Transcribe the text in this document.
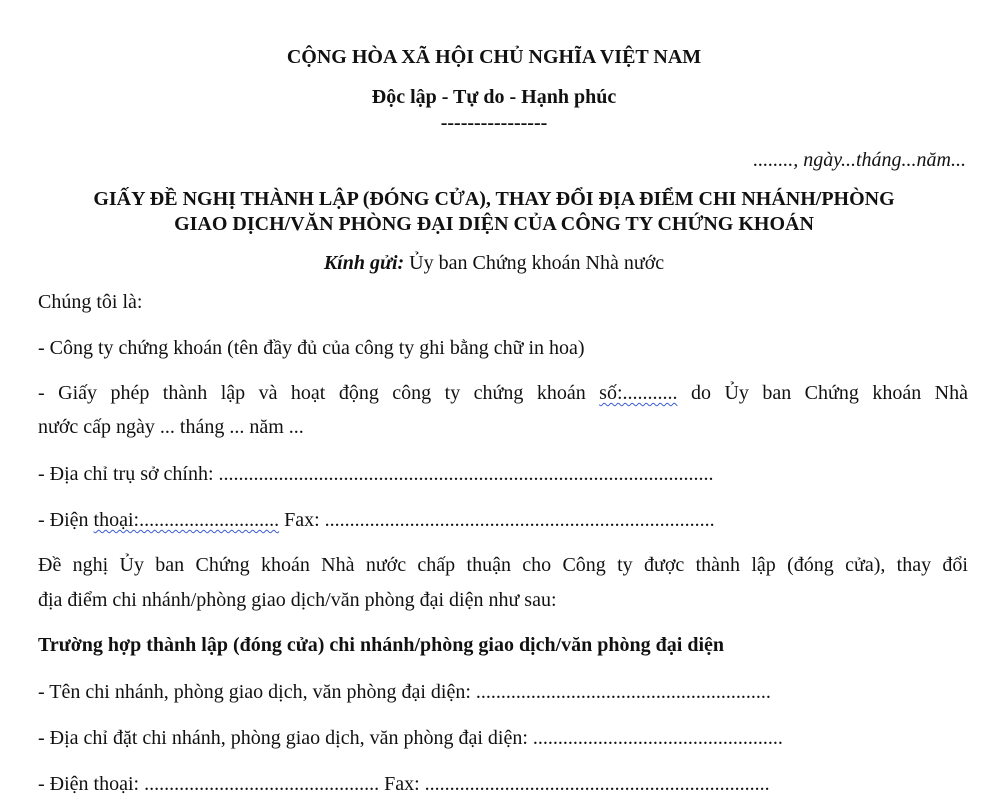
CỘNG HÒA XÃ HỘI CHỦ NGHĨA VIỆT NAM
Độc lập - Tự do - Hạnh phúc
----------------
........, ngày...tháng...năm...
GIẤY ĐỀ NGHỊ THÀNH LẬP (ĐÓNG CỬA), THAY ĐỔI ĐỊA ĐIỂM CHI NHÁNH/PHÒNG
GIAO DỊCH/VĂN PHÒNG ĐẠI DIỆN CỦA CÔNG TY CHỨNG KHOÁN
Kính gửi: Ủy ban Chứng khoán Nhà nước
Chúng tôi là:
- Công ty chứng khoán (tên đầy đủ của công ty ghi bằng chữ in hoa)
- Giấy phép thành lập và hoạt động công ty chứng khoán số:........... do Ủy ban Chứng khoán Nhà
nước cấp ngày ... tháng ... năm ...
- Địa chỉ trụ sở chính: ...................................................................................................
- Điện thoại:............................ Fax: ..............................................................................
Đề nghị Ủy ban Chứng khoán Nhà nước chấp thuận cho Công ty được thành lập (đóng cửa), thay đổi
địa điểm chi nhánh/phòng giao dịch/văn phòng đại diện như sau:
Trường hợp thành lập (đóng cửa) chi nhánh/phòng giao dịch/văn phòng đại diện
- Tên chi nhánh, phòng giao dịch, văn phòng đại diện: ...........................................................
- Địa chỉ đặt chi nhánh, phòng giao dịch, văn phòng đại diện: ..................................................
- Điện thoại: ............................................... Fax: .....................................................................
